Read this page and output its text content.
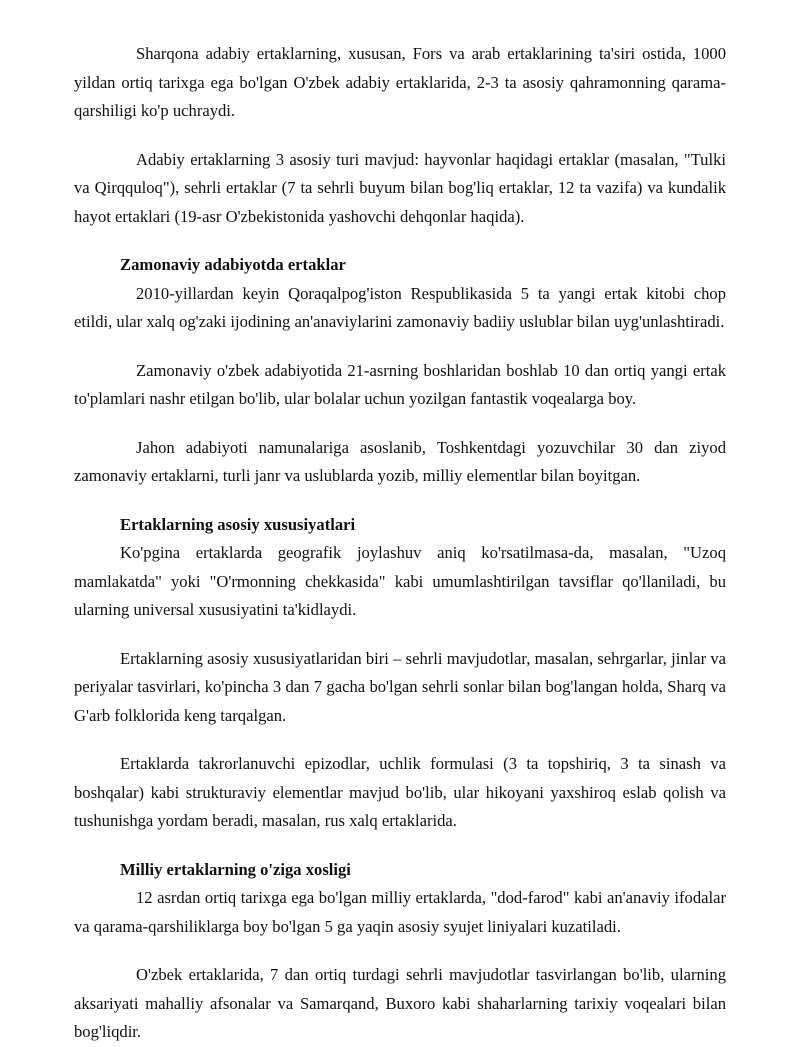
Sharqona adabiy ertaklarning, xususan, Fors va arab ertaklarining ta'siri ostida, 1000 yildan ortiq tarixga ega bo'lgan O'zbek adabiy ertaklarida, 2-3 ta asosiy qahramonning qarama-qarshiligi ko'p uchraydi.

Adabiy ertaklarning 3 asosiy turi mavjud: hayvonlar haqidagi ertaklar (masalan, "Tulki va Qirqquloq"), sehrli ertaklar (7 ta sehrli buyum bilan bog'liq ertaklar, 12 ta vazifa) va kundalik hayot ertaklari (19-asr O'zbekistonida yashovchi dehqonlar haqida).

Zamonaviy adabiyotda ertaklar

2010-yillardan keyin Qoraqalpog'iston Respublikasida 5 ta yangi ertak kitobi chop etildi, ular xalq og'zaki ijodining an'anaviylarini zamonaviy badiiy uslublar bilan uyg'unlashtiradi.

Zamonaviy o'zbek adabiyotida 21-asrning boshlaridan boshlab 10 dan ortiq yangi ertak to'plamlari nashr etilgan bo'lib, ular bolalar uchun yozilgan fantastik voqealarga boy.

Jahon adabiyoti namunalariga asoslanib, Toshkentdagi yozuvchilar 30 dan ziyod zamonaviy ertaklarni, turli janr va uslublarda yozib, milliy elementlar bilan boyitgan.

Ertaklarning asosiy xususiyatlari

Ko'pgina ertaklarda geografik joylashuv aniq ko'rsatilmasa-da, masalan, "Uzoq mamlakatda" yoki "O'rmonning chekkasida" kabi umumlashtirilgan tavsiflar qo'llaniladi, bu ularning universal xususiyatini ta'kidlaydi.

Ertaklarning asosiy xususiyatlaridan biri – sehrli mavjudotlar, masalan, sehrgarlar, jinlar va periyalar tasvirlari, ko'pincha 3 dan 7 gacha bo'lgan sehrli sonlar bilan bog'langan holda, Sharq va G'arb folklorida keng tarqalgan.

Ertaklarda takrorlanuvchi epizodlar, uchlik formulasi (3 ta topshiriq, 3 ta sinash va boshqalar) kabi strukturaviy elementlar mavjud bo'lib, ular hikoyani yaxshiroq eslab qolish va tushunishga yordam beradi, masalan, rus xalq ertaklarida.

Milliy ertaklarning o'ziga xosligi

12 asrdan ortiq tarixga ega bo'lgan milliy ertaklarda, "dod-farod" kabi an'anaviy ifodalar va qarama-qarshiliklarga boy bo'lgan 5 ga yaqin asosiy syujet liniyalari kuzatiladi.

O'zbek ertaklarida, 7 dan ortiq turdagi sehrli mavjudotlar tasvirlangan bo'lib, ularning aksariyati mahalliy afsonalar va Samarqand, Buxoro kabi shaharlarning tarixiy voqealari bilan bog'liqdir.
